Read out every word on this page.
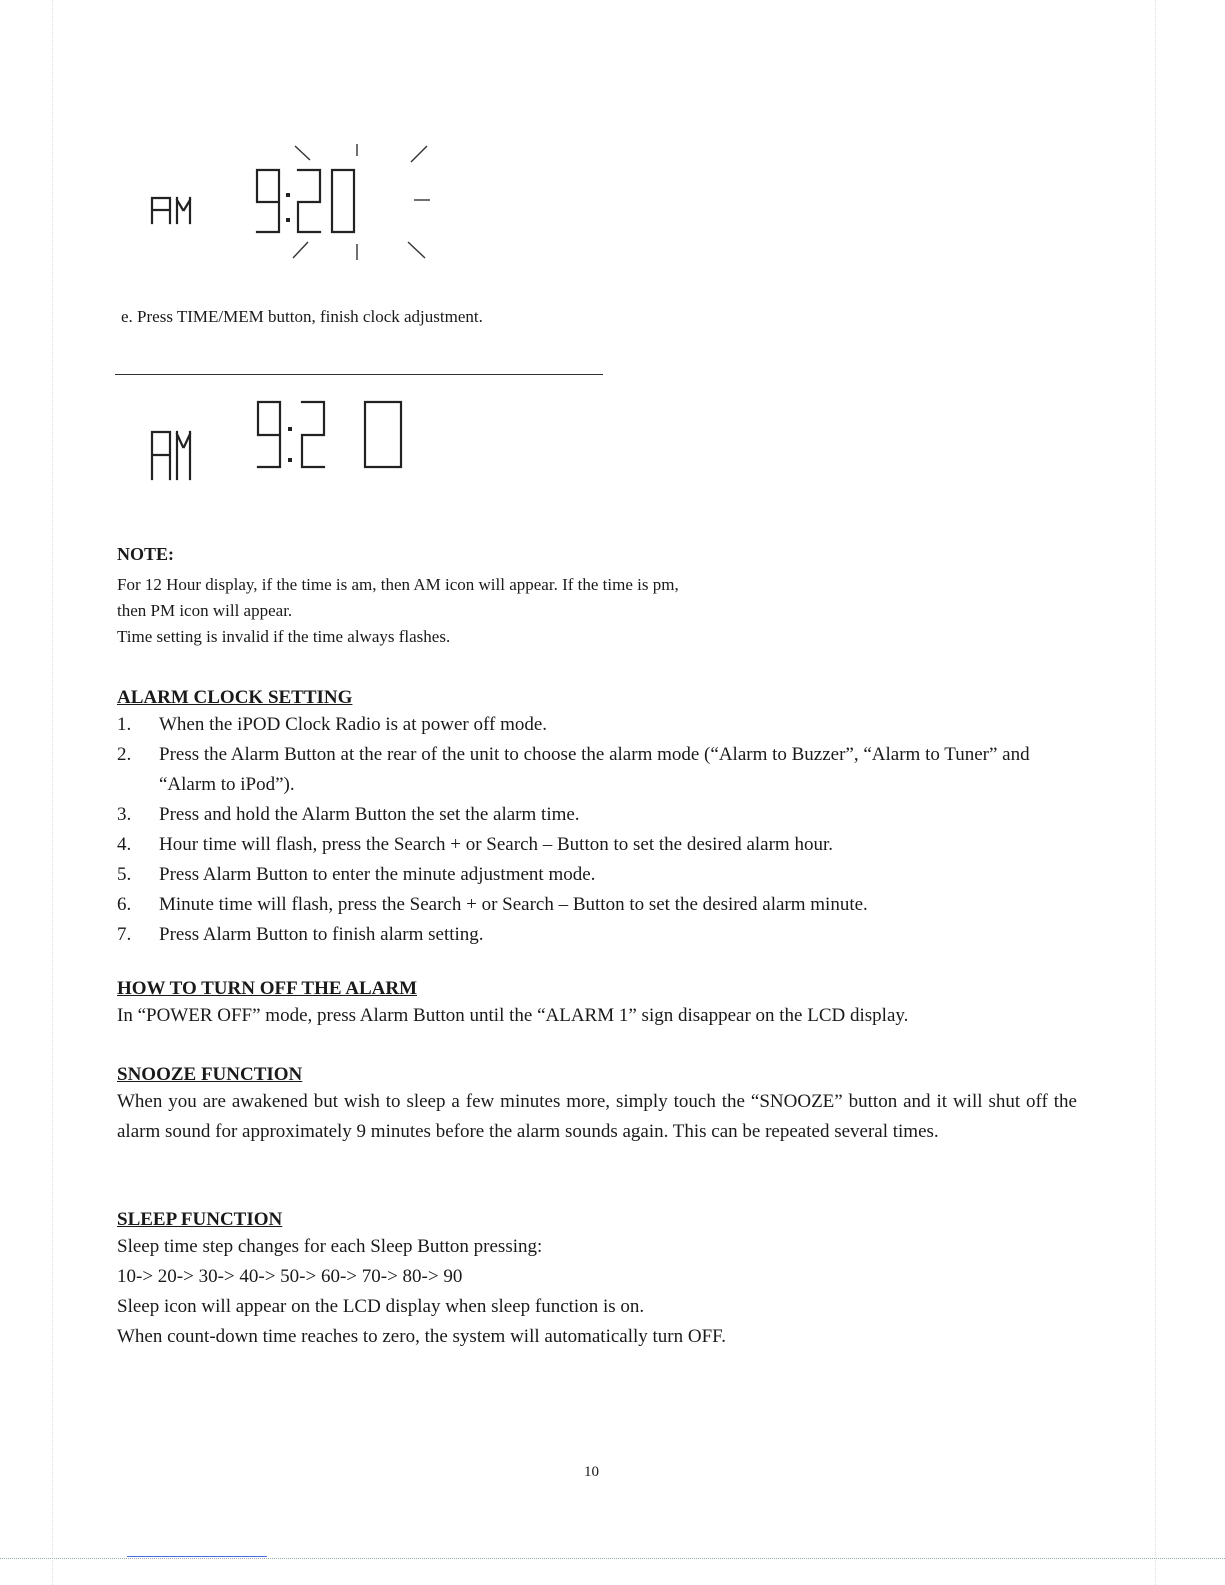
e. Press TIME/MEM button, finish clock adjustment.
NOTE:
For 12 Hour display, if the time is am, then AM icon will appear. If the time is pm,
then PM icon will appear.
Time setting is invalid if the time always flashes.
ALARM CLOCK SETTING
1. When the iPOD Clock Radio is at power off mode.
2. Press the Alarm Button at the rear of the unit to choose the alarm mode (“Alarm to Buzzer”, “Alarm to Tuner” and “Alarm to iPod”).
3. Press and hold the Alarm Button the set the alarm time.
4. Hour time will flash, press the Search + or Search – Button to set the desired alarm hour.
5. Press Alarm Button to enter the minute adjustment mode.
6. Minute time will flash, press the Search + or Search – Button to set the desired alarm minute.
7. Press Alarm Button to finish alarm setting.
HOW TO TURN OFF THE ALARM

In “POWER OFF” mode, press Alarm Button until the “ALARM 1” sign disappear on the LCD display.

SNOOZE FUNCTION

When you are awakened but wish to sleep a few minutes more, simply touch the “SNOOZE” button and it will shut off the alarm sound for approximately 9 minutes before the alarm sounds again. This can be repeated several times.

SLEEP FUNCTION

Sleep time step changes for each Sleep Button pressing:

10-> 20-> 30-> 40-> 50-> 60-> 70-> 80-> 90

Sleep icon will appear on the LCD display when sleep function is on.

When count-down time reaches to zero, the system will automatically turn OFF.

10
